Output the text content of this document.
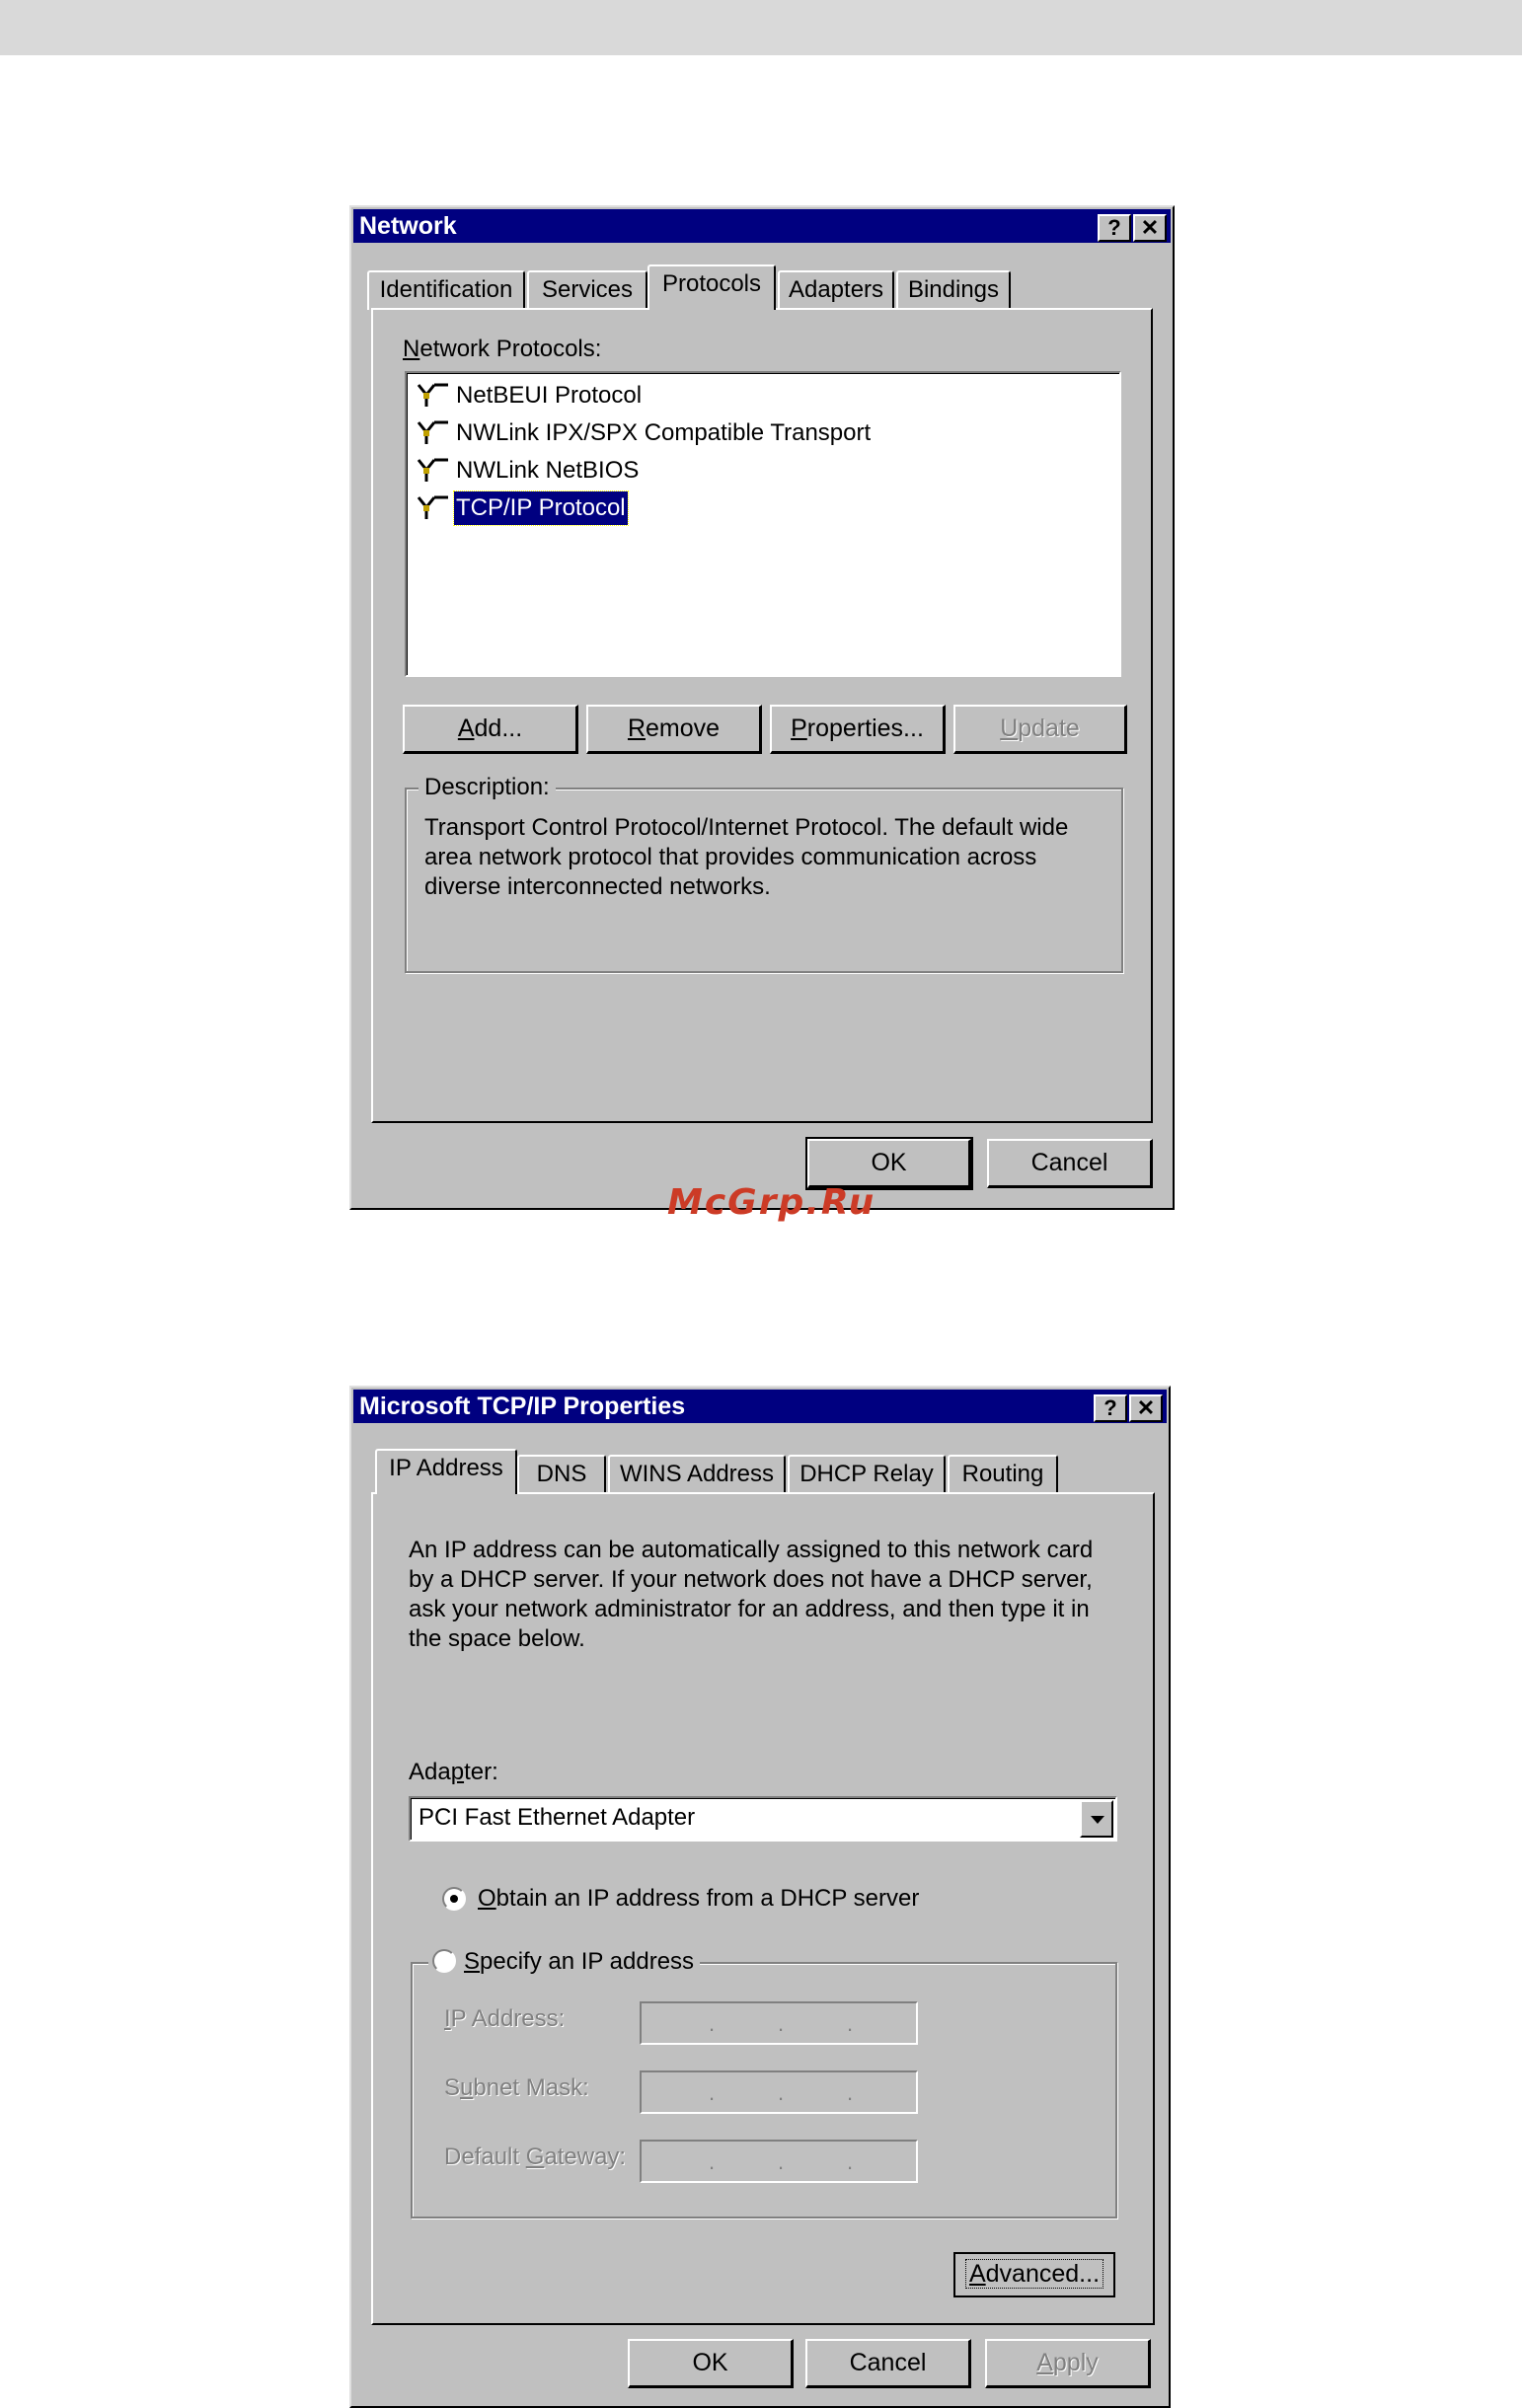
Network	? ✕
Identification	Services	Protocols	Adapters	Bindings
Network Protocols:
NetBEUI Protocol
NWLink IPX/SPX Compatible Transport
NWLink NetBIOS
TCP/IP Protocol
Add...	Remove	Properties...	Update
Description:
Transport Control Protocol/Internet Protocol. The default wide area network protocol that provides communication across diverse interconnected networks.
OK	Cancel
McGrp.Ru
Microsoft TCP/IP Properties	? ✕
IP Address	DNS	WINS Address	DHCP Relay	Routing
An IP address can be automatically assigned to this network card by a DHCP server. If your network does not have a DHCP server, ask your network administrator for an address, and then type it in the space below.
Adapter:
PCI Fast Ethernet Adapter
Obtain an IP address from a DHCP server
Specify an IP address
IP Address:	.	.	.
Subnet Mask:	.	.	.
Default Gateway:	.	.	.
Advanced...
OK	Cancel	Apply
